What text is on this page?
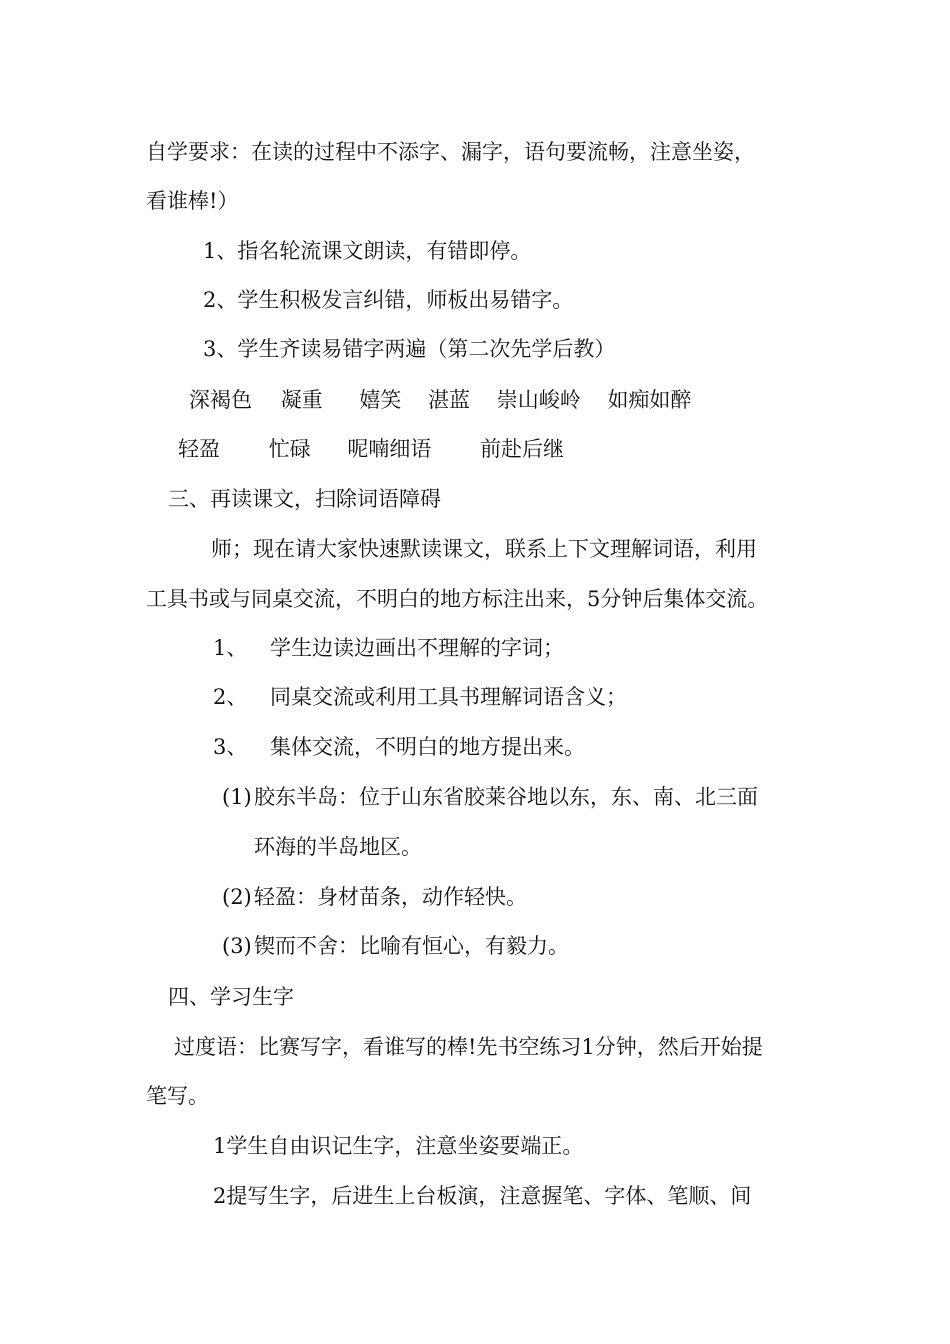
自学要求：在读的过程中不添字、漏字，语句要流畅，注意坐姿，
看谁棒!）
1、指名轮流课文朗读，有错即停。
2、学生积极发言纠错，师板出易错字。
3、学生齐读易错字两遍（第二次先学后教）
深褐色 凝重 嬉笑 湛蓝 崇山峻岭 如痴如醉
轻盈 忙碌 呢喃细语 前赴后继
三、再读课文，扫除词语障碍
师；现在请大家快速默读课文，联系上下文理解词语，利用
工具书或与同桌交流，不明白的地方标注出来，5分钟后集体交流。
1、 学生边读边画出不理解的字词；
2、 同桌交流或利用工具书理解词语含义；
3、 集体交流，不明白的地方提出来。
(1) 胶东半岛：位于山东省胶莱谷地以东，东、南、北三面
环海的半岛地区。
(2) 轻盈：身材苗条，动作轻快。
(3) 锲而不舍：比喻有恒心，有毅力。
四、学习生字
过度语：比赛写字，看谁写的棒!先书空练习1分钟，然后开始提
笔写。
1学生自由识记生字，注意坐姿要端正。
2提写生字，后进生上台板演，注意握笔、字体、笔顺、间
